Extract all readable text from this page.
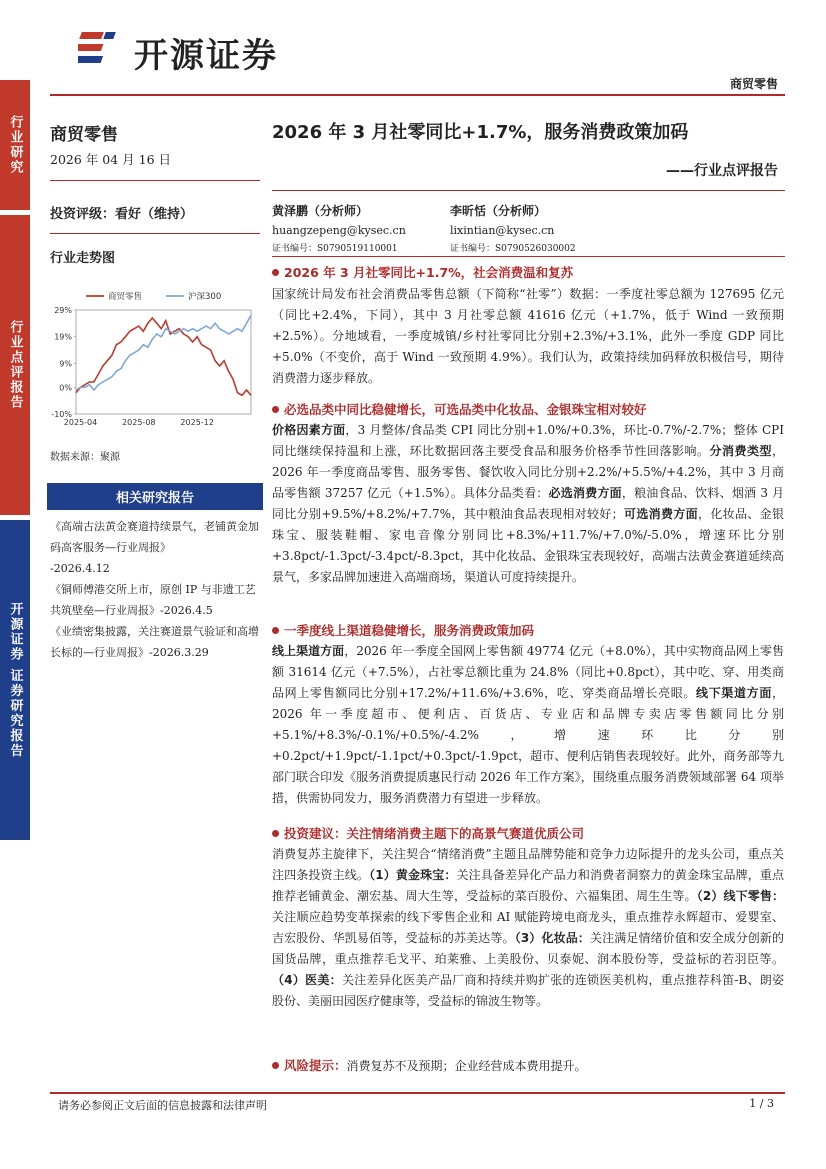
开源证券
商贸零售
行业研究
行业点评报告
开源证券 证券研究报告
商贸零售
2026 年 04 月 16 日
投资评级：看好（维持）
行业走势图
29%
19%
9%
0%
-10%
2025-04	2025-08	2025-12
商贸零售	沪深300
数据来源：聚源
相关研究报告
《高端古法黄金赛道持续景气，老铺黄金加码高客服务—行业周报》
-2026.4.12
《铜师傅港交所上市，原创 IP 与非遗工艺共筑壁垒—行业周报》-2026.4.5
《业绩密集披露，关注赛道景气验证和高增长标的—行业周报》-2026.3.29
2026 年 3 月社零同比+1.7%，服务消费政策加码
——行业点评报告
黄泽鹏（分析师）
huangzepeng@kysec.cn
证书编号：S0790519110001
李昕恬（分析师）
lixintian@kysec.cn
证书编号：S0790526030002
2026 年 3 月社零同比+1.7%，社会消费温和复苏
国家统计局发布社会消费品零售总额（下简称“社零”）数据：一季度社零总额为 127695 亿元（同比+2.4%，下同），其中 3 月社零总额 41616 亿元（+1.7%，低于 Wind 一致预期+2.5%）。分地域看，一季度城镇/乡村社零同比分别+2.3%/+3.1%，此外一季度 GDP 同比+5.0%（不变价，高于 Wind 一致预期 4.9%）。我们认为，政策持续加码释放积极信号，期待消费潜力逐步释放。
必选品类中同比稳健增长，可选品类中化妆品、金银珠宝相对较好
价格因素方面，3 月整体/食品类 CPI 同比分别+1.0%/+0.3%，环比-0.7%/-2.7%；整体 CPI 同比继续保持温和上涨，环比数据回落主要受食品和服务价格季节性回落影响。分消费类型，2026 年一季度商品零售、服务零售、餐饮收入同比分别+2.2%/+5.5%/+4.2%，其中 3 月商品零售额 37257 亿元（+1.5%）。具体分品类看：必选消费方面，粮油食品、饮料、烟酒 3 月同比分别+9.5%/+8.2%/+7.7%，其中粮油食品表现相对较好；可选消费方面，化妆品、金银珠宝、服装鞋帽、家电音像分别同比+8.3%/+11.7%/+7.0%/-5.0%，增速环比分别+3.8pct/-1.3pct/-3.4pct/-8.3pct，其中化妆品、金银珠宝表现较好，高端古法黄金赛道延续高景气，多家品牌加速进入高端商场，渠道认可度持续提升。
一季度线上渠道稳健增长，服务消费政策加码
线上渠道方面，2026 年一季度全国网上零售额 49774 亿元（+8.0%），其中实物商品网上零售额 31614 亿元（+7.5%），占社零总额比重为 24.8%（同比+0.8pct），其中吃、穿、用类商品网上零售额同比分别+17.2%/+11.6%/+3.6%，吃、穿类商品增长亮眼。线下渠道方面，2026 年一季度超市、便利店、百货店、专业店和品牌专卖店零售额同比分别+5.1%/+8.3%/-0.1%/+0.5%/-4.2%，增速环比分别+0.2pct/+1.9pct/-1.1pct/+0.3pct/-1.9pct，超市、便利店销售表现较好。此外，商务部等九部门联合印发《服务消费提质惠民行动 2026 年工作方案》，围绕重点服务消费领域部署 64 项举措，供需协同发力，服务消费潜力有望进一步释放。
投资建议：关注情绪消费主题下的高景气赛道优质公司
消费复苏主旋律下，关注契合“情绪消费”主题且品牌势能和竞争力边际提升的龙头公司，重点关注四条投资主线。（1）黄金珠宝：关注具备差异化产品力和消费者洞察力的黄金珠宝品牌，重点推荐老铺黄金、潮宏基、周大生等，受益标的菜百股份、六福集团、周生生等。（2）线下零售：关注顺应趋势变革探索的线下零售企业和 AI 赋能跨境电商龙头，重点推荐永辉超市、爱婴室、吉宏股份、华凯易佰等，受益标的苏美达等。（3）化妆品：关注满足情绪价值和安全成分创新的国货品牌，重点推荐毛戈平、珀莱雅、上美股份、贝泰妮、润本股份等，受益标的若羽臣等。（4）医美：关注差异化医美产品厂商和持续并购扩张的连锁医美机构，重点推荐科笛-B、朗姿股份、美丽田园医疗健康等，受益标的锦波生物等。
风险提示：消费复苏不及预期；企业经营成本费用提升。
请务必参阅正文后面的信息披露和法律声明	1 / 3
